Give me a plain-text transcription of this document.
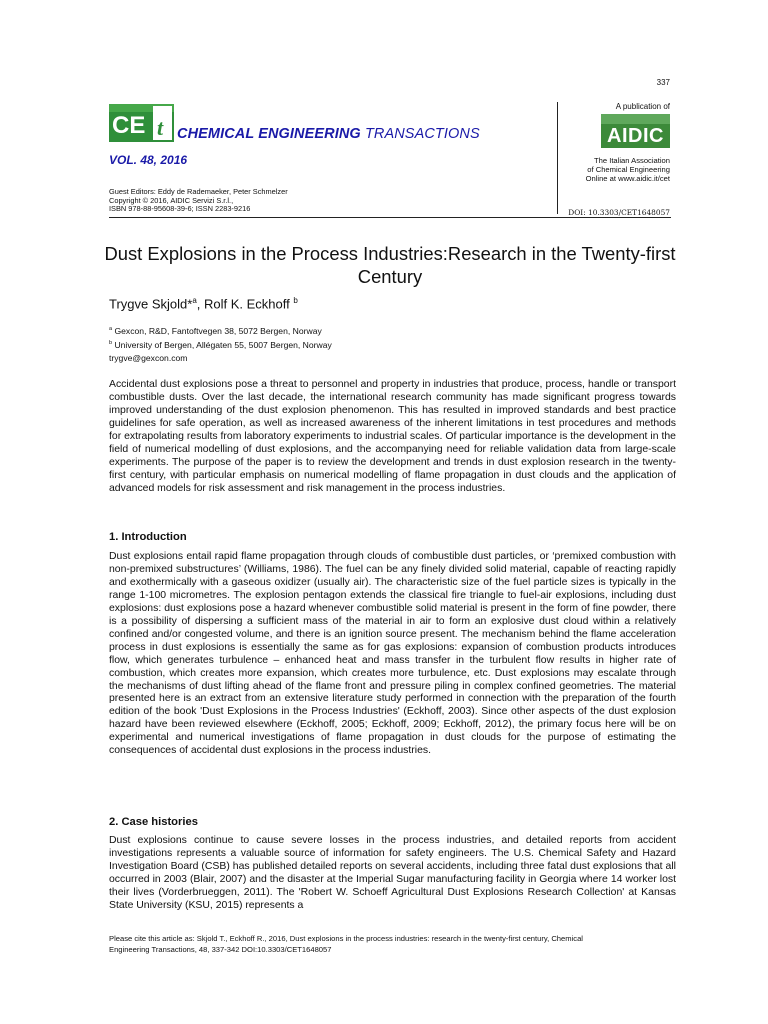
337
CE t CHEMICAL ENGINEERING TRANSACTIONS
VOL. 48, 2016
A publication of
AIDIC
The Italian Association
of Chemical Engineering
Online at www.aidic.it/cet
Guest Editors: Eddy de Rademaeker, Peter Schmelzer
Copyright © 2016, AIDIC Servizi S.r.l.,
ISBN 978-88-95608-39-6; ISSN 2283-9216	DOI: 10.3303/CET1648057
Dust Explosions in the Process Industries:Research in the Twenty-first Century
Trygve Skjold*$^a$, Rolf K. Eckhoff $^b$
$^a$ Gexcon, R&D, Fantoftvegen 38, 5072 Bergen, Norway
$^b$ University of Bergen, Allégaten 55, 5007 Bergen, Norway
trygve@gexcon.com
Accidental dust explosions pose a threat to personnel and property in industries that produce, process, handle or transport combustible dusts. Over the last decade, the international research community has made significant progress towards improved understanding of the dust explosion phenomenon. This has resulted in improved standards and best practice guidelines for safe operation, as well as increased awareness of the inherent limitations in test procedures and methods for extrapolating results from laboratory experiments to industrial scales. Of particular importance is the development in the field of numerical modelling of dust explosions, and the accompanying need for reliable validation data from large-scale experiments. The purpose of the paper is to review the development and trends in dust explosion research in the twenty-first century, with particular emphasis on numerical modelling of flame propagation in dust clouds and the application of advanced models for risk assessment and risk management in the process industries.
1. Introduction
Dust explosions entail rapid flame propagation through clouds of combustible dust particles, or ‘premixed combustion with non-premixed substructures’ (Williams, 1986). The fuel can be any finely divided solid material, capable of reacting rapidly and exothermically with a gaseous oxidizer (usually air). The characteristic size of the fuel particle sizes is typically in the range 1-100 micrometres. The explosion pentagon extends the classical fire triangle to fuel-air explosions, including dust explosions: dust explosions pose a hazard whenever combustible solid material is present in the form of fine powder, there is a possibility of dispersing a sufficient mass of the material in air to form an explosive dust cloud within a relatively confined and/or congested volume, and there is an ignition source present. The mechanism behind the flame acceleration process in dust explosions is essentially the same as for gas explosions: expansion of combustion products introduces flow, which generates turbulence – enhanced heat and mass transfer in the turbulent flow results in higher rate of combustion, which creates more expansion, which creates more turbulence, etc. Dust explosions may escalate through the mechanisms of dust lifting ahead of the flame front and pressure piling in complex confined geometries. The material presented here is an extract from an extensive literature study performed in connection with the preparation of the fourth edition of the book 'Dust Explosions in the Process Industries' (Eckhoff, 2003). Since other aspects of the dust explosion hazard have been reviewed elsewhere (Eckhoff, 2005; Eckhoff, 2009; Eckhoff, 2012), the primary focus here will be on experimental and numerical investigations of flame propagation in dust clouds for the purpose of estimating the consequences of accidental dust explosions in the process industries.
2. Case histories
Dust explosions continue to cause severe losses in the process industries, and detailed reports from accident investigations represents a valuable source of information for safety engineers. The U.S. Chemical Safety and Hazard Investigation Board (CSB) has published detailed reports on several accidents, including three fatal dust explosions that all occurred in 2003 (Blair, 2007) and the disaster at the Imperial Sugar manufacturing facility in Georgia where 14 worker lost their lives (Vorderbrueggen, 2011). The 'Robert W. Schoeff Agricultural Dust Explosions Research Collection' at Kansas State University (KSU, 2015) represents a
Please cite this article as: Skjold T., Eckhoff R., 2016, Dust explosions in the process industries: research in the twenty-first century, Chemical
Engineering Transactions, 48, 337-342 DOI:10.3303/CET1648057
